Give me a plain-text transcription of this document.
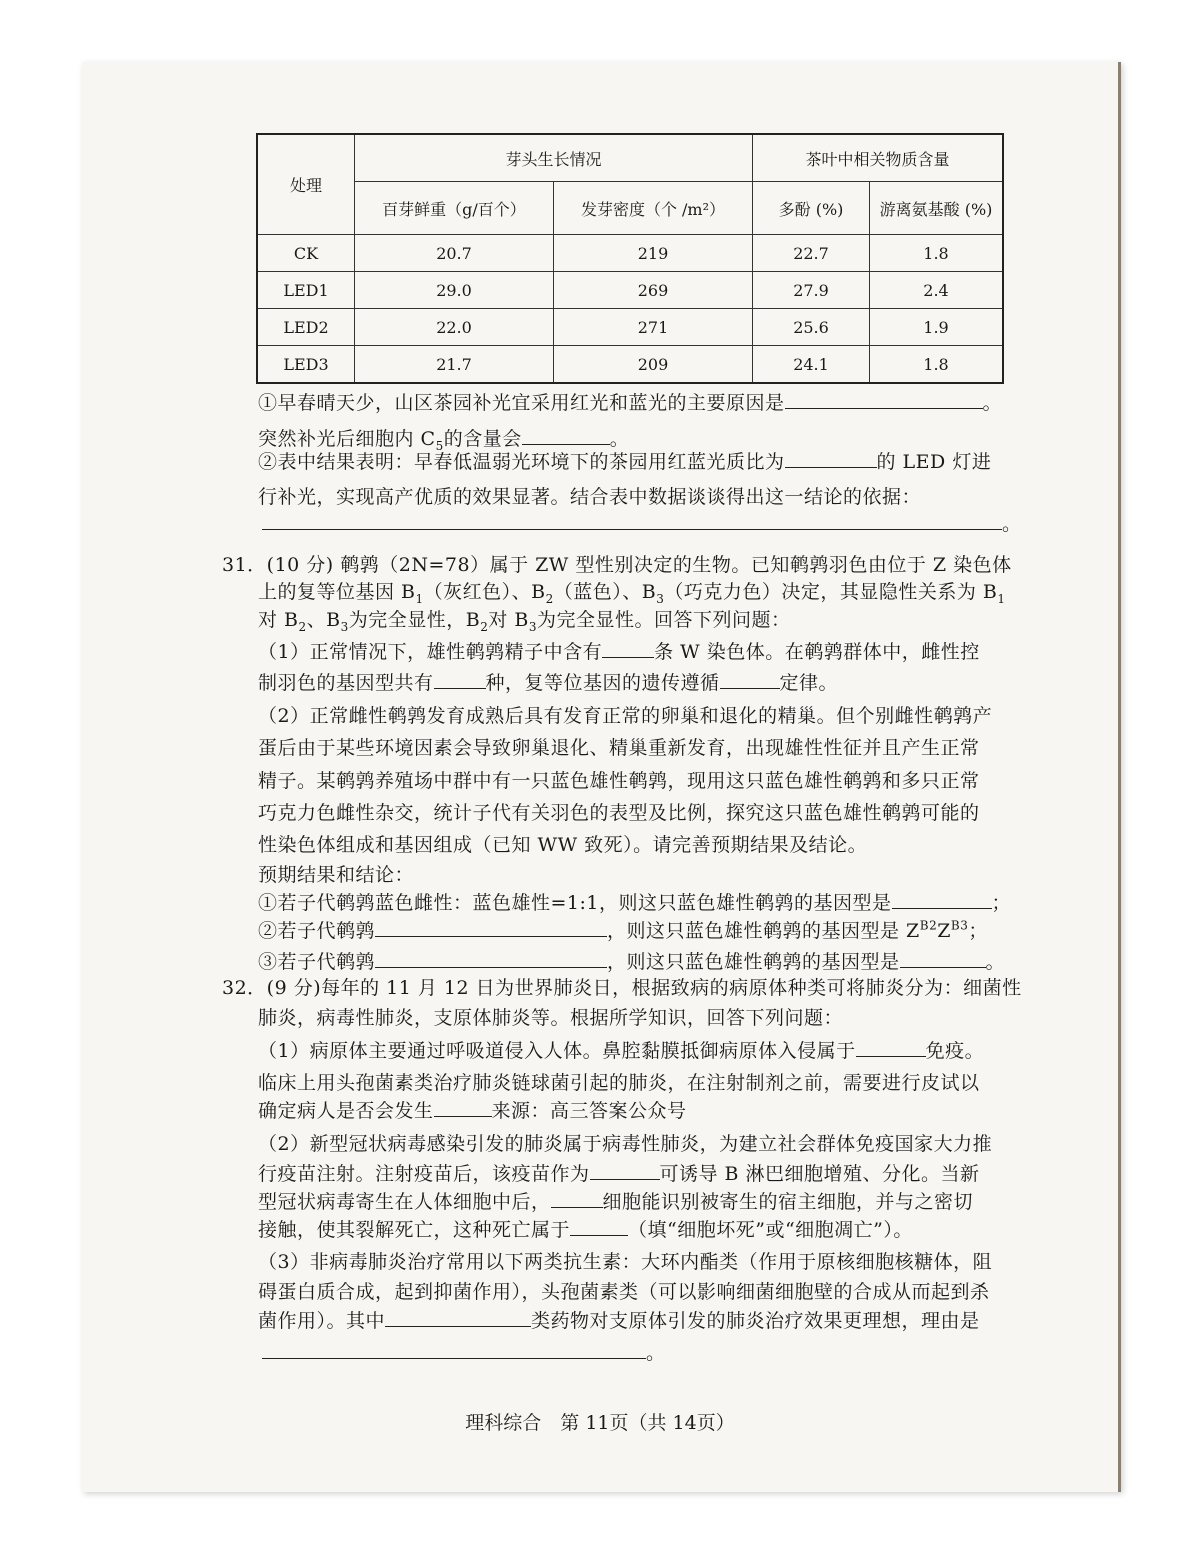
处理	芽头生长情况		茶叶中相关物质含量	
	百芽鲜重（g/百个）	发芽密度（个 /m²）	多酚 (%)	游离氨基酸 (%)
CK	20.7	219	22.7	1.8
LED1	29.0	269	27.9	2.4
LED2	22.0	271	25.6	1.9
LED3	21.7	209	24.1	1.8
①早春晴天少，山区茶园补光宜采用红光和蓝光的主要原因是	。
突然补光后细胞内 $C_5$的含量会	。
②表中结果表明：早春低温弱光环境下的茶园用红蓝光质比为	的 LED 灯进
行补光，实现高产优质的效果显著。结合表中数据谈谈得出这一结论的依据：
。
31．(10 分) 鹌鹑（2N=78）属于 ZW 型性别决定的生物。已知鹌鹑羽色由位于 Z 染色体
上的复等位基因 $B_1$（灰红色）、$B_2$（蓝色）、$B_3$（巧克力色）决定，其显隐性关系为 $B_1$
对 $B_2$、$B_3$为完全显性，$B_2$对 $B_3$为完全显性。回答下列问题：
（1）正常情况下，雄性鹌鹑精子中含有	条 W 染色体。在鹌鹑群体中，雌性控
制羽色的基因型共有	种，复等位基因的遗传遵循	定律。
（2）正常雌性鹌鹑发育成熟后具有发育正常的卵巢和退化的精巢。但个别雌性鹌鹑产
蛋后由于某些环境因素会导致卵巢退化、精巢重新发育，出现雄性性征并且产生正常
精子。某鹌鹑养殖场中群中有一只蓝色雄性鹌鹑，现用这只蓝色雄性鹌鹑和多只正常
巧克力色雌性杂交，统计子代有关羽色的表型及比例，探究这只蓝色雄性鹌鹑可能的
性染色体组成和基因组成（已知 WW 致死）。请完善预期结果及结论。
预期结果和结论：
①若子代鹌鹑蓝色雌性：蓝色雄性=1:1，则这只蓝色雄性鹌鹑的基因型是	；
②若子代鹌鹑	，则这只蓝色雄性鹌鹑的基因型是 $Z^{B2}Z^{B3}$；
③若子代鹌鹑	，则这只蓝色雄性鹌鹑的基因型是	。
32．(9 分)每年的 11 月 12 日为世界肺炎日，根据致病的病原体种类可将肺炎分为：细菌性
肺炎，病毒性肺炎，支原体肺炎等。根据所学知识，回答下列问题：
（1）病原体主要通过呼吸道侵入人体。鼻腔黏膜抵御病原体入侵属于	免疫。
临床上用头孢菌素类治疗肺炎链球菌引起的肺炎，在注射制剂之前，需要进行皮试以
确定病人是否会发生	来源：高三答案公众号
（2）新型冠状病毒感染引发的肺炎属于病毒性肺炎，为建立社会群体免疫国家大力推
行疫苗注射。注射疫苗后，该疫苗作为	可诱导 B 淋巴细胞增殖、分化。当新
型冠状病毒寄生在人体细胞中后，	细胞能识别被寄生的宿主细胞，并与之密切
接触，使其裂解死亡，这种死亡属于	（填“细胞坏死”或“细胞凋亡”）。
（3）非病毒肺炎治疗常用以下两类抗生素：大环内酯类（作用于原核细胞核糖体，阻
碍蛋白质合成，起到抑菌作用），头孢菌素类（可以影响细菌细胞壁的合成从而起到杀
菌作用）。其中	类药物对支原体引发的肺炎治疗效果更理想，理由是
。
理科综合　第 11页（共 14页）
